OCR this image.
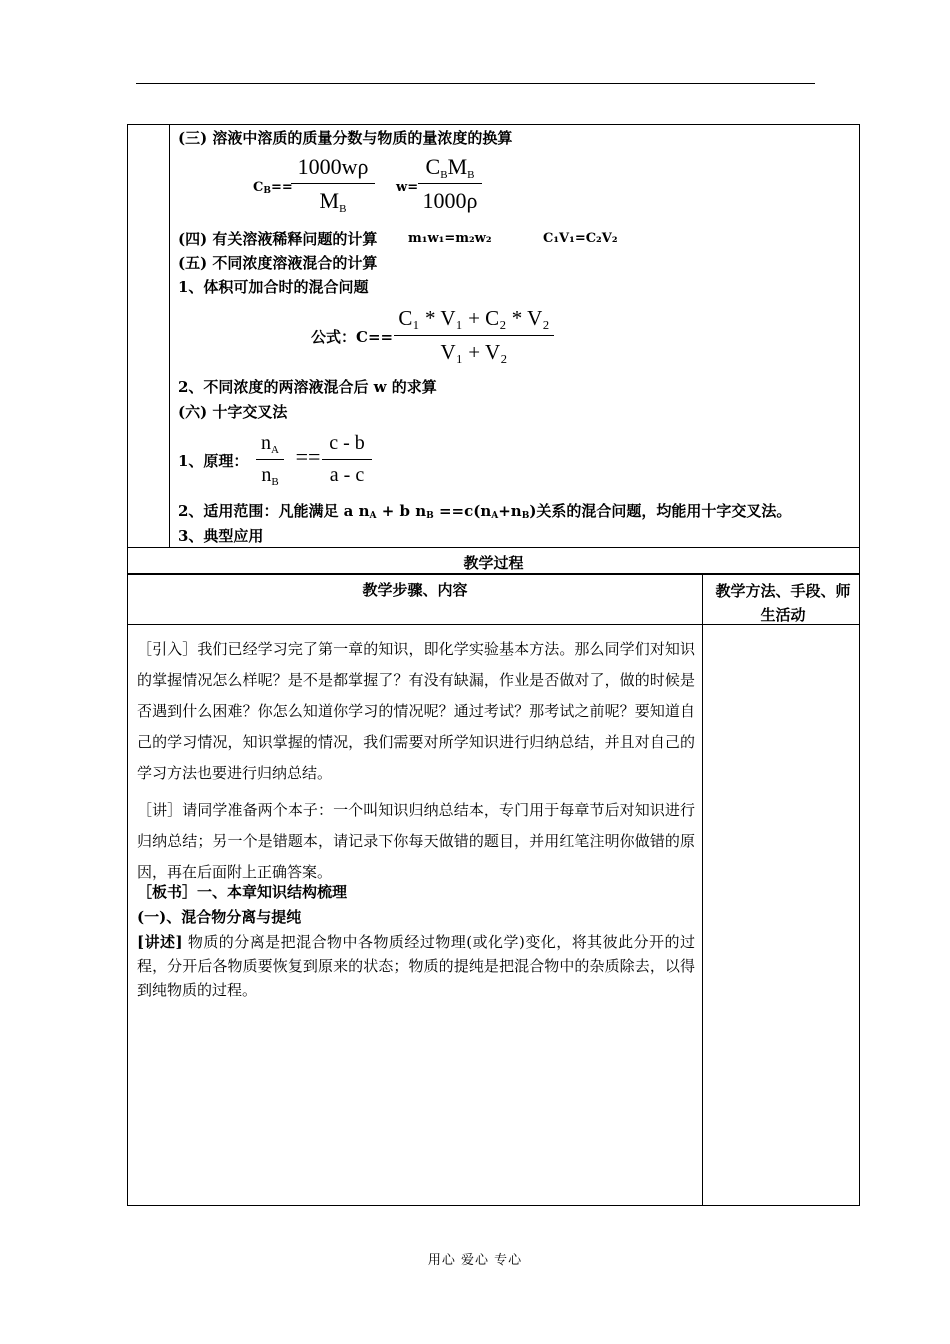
(三) 溶液中溶质的质量分数与物质的量浓度的换算
$C_B==$
1000wρ
$M_B$
w=
$C_BM_B$
1000ρ
(四) 有关溶液稀释问题的计算 m₁w₁=m₂w₂	C₁V₁=C₂V₂
(五) 不同浓度溶液混合的计算
1、体积可加合时的混合问题
公式：C==
C₁ * V₁ + C₂ * V₂
V₁ + V₂
2、不同浓度的两溶液混合后 w 的求算
(六) 十字交叉法
1、原理：
$n_A$
$n_B$
==
c - b
a - c
2、适用范围：凡能满足 a $n_A + b$ $n_B ==c(n_A+n_B)$关系的混合问题，均能用十字交叉法。
3、典型应用
教学过程
教学步骤、内容	教学方法、手段、师生活动
［引入］我们已经学习完了第一章的知识，即化学实验基本方法。那么同学们对知识的掌握情况怎么样呢？是不是都掌握了？有没有缺漏，作业是否做对了，做的时候是否遇到什么困难？你怎么知道你学习的情况呢？通过考试？那考试之前呢？要知道自己的学习情况，知识掌握的情况，我们需要对所学知识进行归纳总结，并且对自己的学习方法也要进行归纳总结。
［讲］请同学准备两个本子：一个叫知识归纳总结本，专门用于每章节后对知识进行归纳总结；另一个是错题本，请记录下你每天做错的题目，并用红笔注明你做错的原因，再在后面附上正确答案。
［板书］一、本章知识结构梳理
(一)、混合物分离与提纯
[讲述] 物质的分离是把混合物中各物质经过物理(或化学)变化，将其彼此分开的过程，分开后各物质要恢复到原来的状态；物质的提纯是把混合物中的杂质除去，以得到纯物质的过程。
用心 爱心 专心
